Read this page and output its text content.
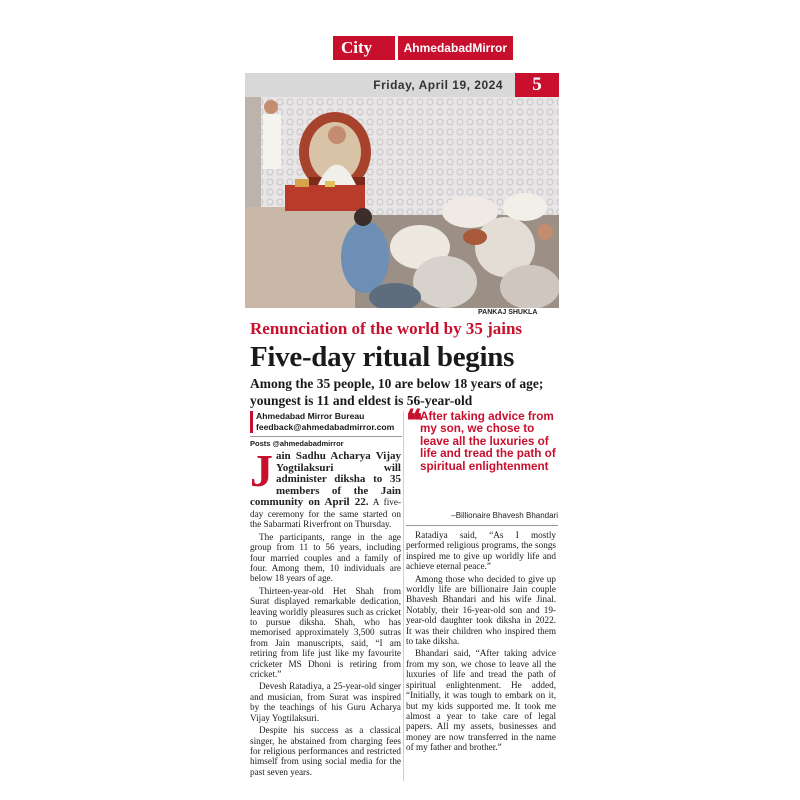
City	AhmedabadMirror
Friday, April 19, 2024	5
PANKAJ SHUKLA
Renunciation of the world by 35 jains
Five-day ritual begins
Among the 35 people, 10 are below 18 years of age; youngest is 11 and eldest is 56-year-old
Ahmedabad Mirror Bureau
feedback@ahmedabadmirror.com
Posts @ahmedabadmirror

Jain Sadhu Acharya Vijay Yogtilaksuri will administer diksha to 35 members of the Jain community on April 22. A five-day ceremony for the same started on the Sabarmati Riverfront on Thursday.

The participants, range in the age group from 11 to 56 years, including four married couples and a family of four. Among them, 10 individuals are below 18 years of age.

Thirteen-year-old Het Shah from Surat displayed remarkable dedication, leaving worldly pleasures such as cricket to pursue diksha. Shah, who has memorised approximately 3,500 sutras from Jain manuscripts, said, “I am retiring from life just like my favourite cricketer MS Dhoni is retiring from cricket.”

Devesh Ratadiya, a 25-year-old singer and musician, from Surat was inspired by the teachings of his Guru Acharya Vijay Yogtilaksuri.

Despite his success as a classical singer, he abstained from charging fees for religious performances and restricted himself from using social media for the past seven years.

❝
After taking advice from my son, we chose to leave all the luxuries of life and tread the path of spiritual enlightenment
–Billionaire Bhavesh Bhandari

Ratadiya said, “As I mostly performed religious programs, the songs inspired me to give up worldly life and achieve eternal peace.”

Among those who decided to give up worldly life are billionaire Jain couple Bhavesh Bhandari and his wife Jinal. Notably, their 16-year-old son and 19-year-old daughter took diksha in 2022. It was their children who inspired them to take diksha.

Bhandari said, “After taking advice from my son, we chose to leave all the luxuries of life and tread the path of spiritual enlightenment. He added, “Initially, it was tough to embark on it, but my kids supported me. It took me almost a year to take care of legal papers. All my assets, businesses and money are now transferred in the name of my father and brother.”
